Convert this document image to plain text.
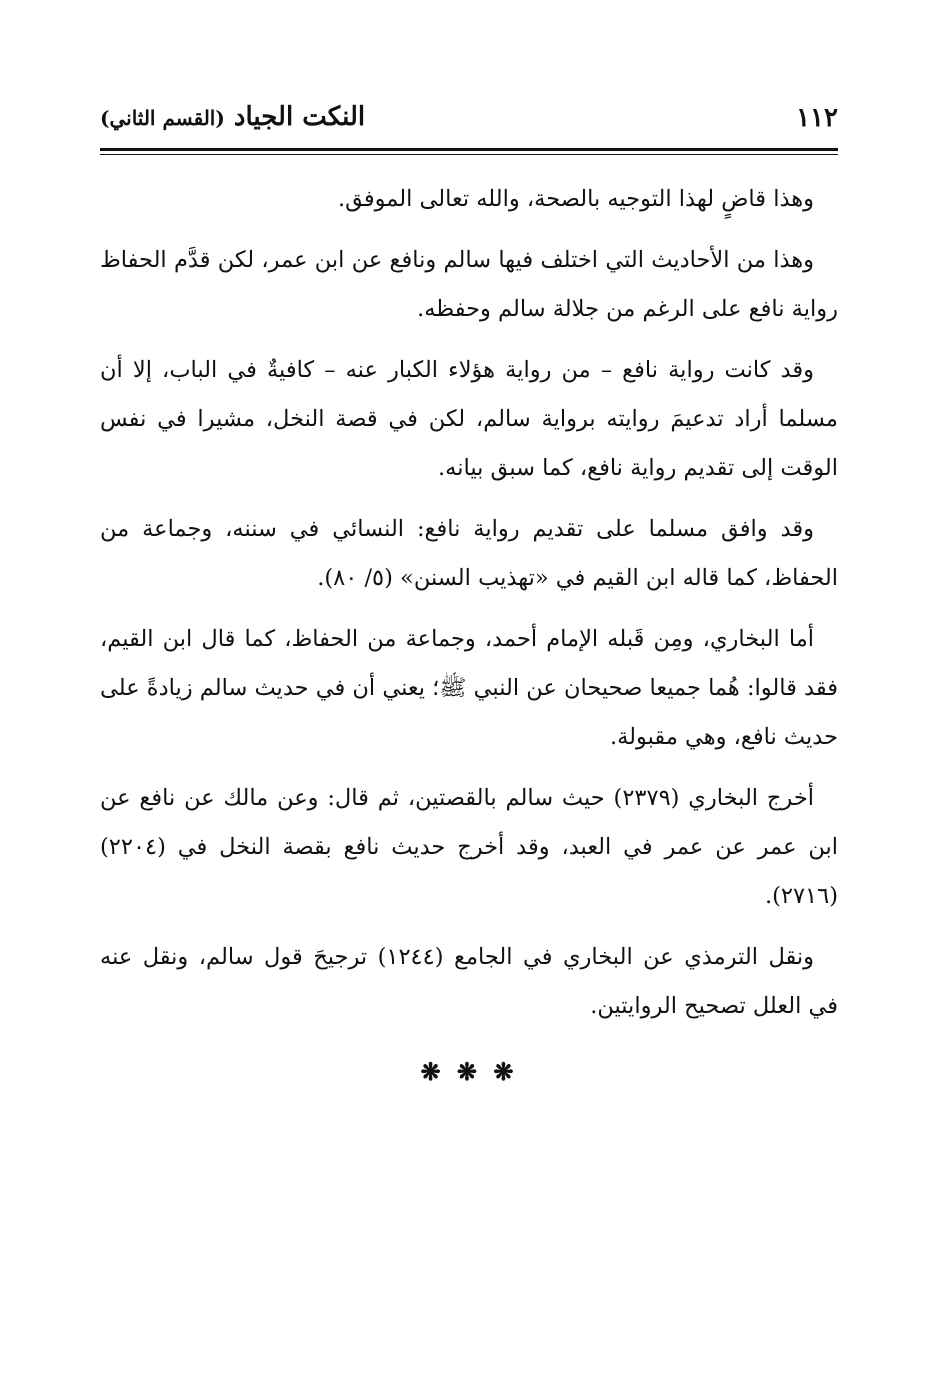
١١٢
النكت الجياد (القسم الثاني)

وهذا قاضٍ لهذا التوجيه بالصحة، والله تعالى الموفق.

وهذا من الأحاديث التي اختلف فيها سالم ونافع عن ابن عمر، لكن قدَّم الحفاظ رواية نافع على الرغم من جلالة سالم وحفظه.

وقد كانت رواية نافع – من رواية هؤلاء الكبار عنه – كافيةٌ في الباب، إلا أن مسلما أراد تدعيمَ روايته برواية سالم، لكن في قصة النخل، مشيرا في نفس الوقت إلى تقديم رواية نافع، كما سبق بيانه.

وقد وافق مسلما على تقديم رواية نافع: النسائي في سننه، وجماعة من الحفاظ، كما قاله ابن القيم في «تهذيب السنن» (٥/ ٨٠).

أما البخاري، ومِن قَبله الإمام أحمد، وجماعة من الحفاظ، كما قال ابن القيم، فقد قالوا: هُما جميعا صحيحان عن النبي ﷺ؛ يعني أن في حديث سالم زيادةً على حديث نافع، وهي مقبولة.

أخرج البخاري (٢٣٧٩) حيث سالم بالقصتين، ثم قال: وعن مالك عن نافع عن ابن عمر عن عمر في العبد، وقد أخرج حديث نافع بقصة النخل في (٢٢٠٤) (٢٧١٦).

ونقل الترمذي عن البخاري في الجامع (١٢٤٤) ترجيحَ قول سالم، ونقل عنه في العلل تصحيح الروايتين.

❋ ❋ ❋
